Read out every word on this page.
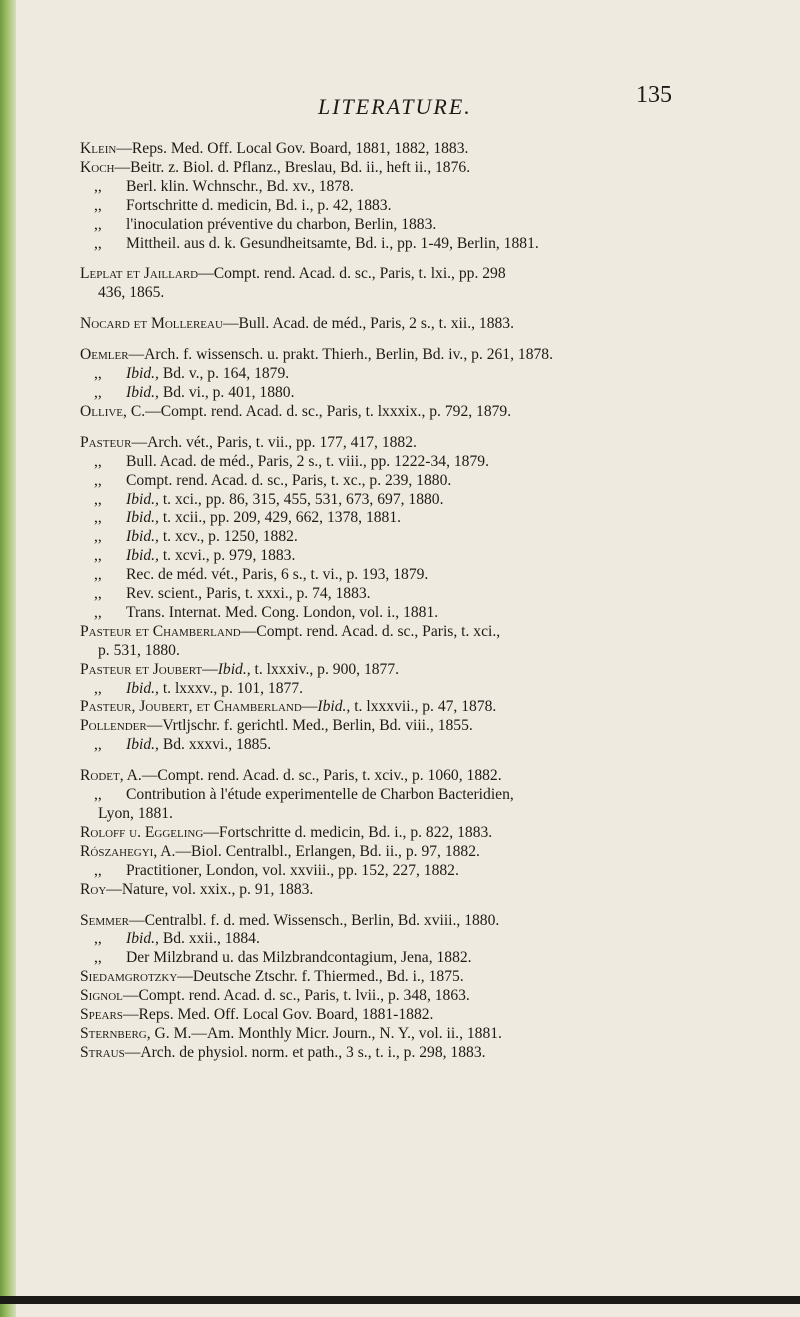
LITERATURE.	135
Klein—Reps. Med. Off. Local Gov. Board, 1881, 1882, 1883.
Koch—Beitr. z. Biol. d. Pflanz., Breslau, Bd. ii., heft ii., 1876.
,, Berl. klin. Wchnschr., Bd. xv., 1878.
,, Fortschritte d. medicin, Bd. i., p. 42, 1883.
,, l'inoculation préventive du charbon, Berlin, 1883.
,, Mittheil. aus d. k. Gesundheitsamte, Bd. i., pp. 1-49, Berlin, 1881.
Leplat et Jaillard—Compt. rend. Acad. d. sc., Paris, t. lxi., pp. 298
436, 1865.
Nocard et Mollereau—Bull. Acad. de méd., Paris, 2 s., t. xii., 1883.
Oemler—Arch. f. wissensch. u. prakt. Thierh., Berlin, Bd. iv., p. 261, 1878.
,, Ibid., Bd. v., p. 164, 1879.
,, Ibid., Bd. vi., p. 401, 1880.
Ollive, C.—Compt. rend. Acad. d. sc., Paris, t. lxxxix., p. 792, 1879.
Pasteur—Arch. vét., Paris, t. vii., pp. 177, 417, 1882.
,, Bull. Acad. de méd., Paris, 2 s., t. viii., pp. 1222-34, 1879.
,, Compt. rend. Acad. d. sc., Paris, t. xc., p. 239, 1880.
,, Ibid., t. xci., pp. 86, 315, 455, 531, 673, 697, 1880.
,, Ibid., t. xcii., pp. 209, 429, 662, 1378, 1881.
,, Ibid., t. xcv., p. 1250, 1882.
,, Ibid., t. xcvi., p. 979, 1883.
,, Rec. de méd. vét., Paris, 6 s., t. vi., p. 193, 1879.
,, Rev. scient., Paris, t. xxxi., p. 74, 1883.
,, Trans. Internat. Med. Cong. London, vol. i., 1881.
Pasteur et Chamberland—Compt. rend. Acad. d. sc., Paris, t. xci.,
p. 531, 1880.
Pasteur et Joubert—Ibid., t. lxxxiv., p. 900, 1877.
,, Ibid., t. lxxxv., p. 101, 1877.
Pasteur, Joubert, et Chamberland—Ibid., t. lxxxvii., p. 47, 1878.
Pollender—Vrtljschr. f. gerichtl. Med., Berlin, Bd. viii., 1855.
,, Ibid., Bd. xxxvi., 1885.
Rodet, A.—Compt. rend. Acad. d. sc., Paris, t. xciv., p. 1060, 1882.
,, Contribution à l'étude experimentelle de Charbon Bacteridien,
Lyon, 1881.
Roloff u. Eggeling—Fortschritte d. medicin, Bd. i., p. 822, 1883.
Rószahegyi, A.—Biol. Centralbl., Erlangen, Bd. ii., p. 97, 1882.
,, Practitioner, London, vol. xxviii., pp. 152, 227, 1882.
Roy—Nature, vol. xxix., p. 91, 1883.
Semmer—Centralbl. f. d. med. Wissensch., Berlin, Bd. xviii., 1880.
,, Ibid., Bd. xxii., 1884.
,, Der Milzbrand u. das Milzbrandcontagium, Jena, 1882.
Siedamgrotzky—Deutsche Ztschr. f. Thiermed., Bd. i., 1875.
Signol—Compt. rend. Acad. d. sc., Paris, t. lvii., p. 348, 1863.
Spears—Reps. Med. Off. Local Gov. Board, 1881-1882.
Sternberg, G. M.—Am. Monthly Micr. Journ., N. Y., vol. ii., 1881.
Straus—Arch. de physiol. norm. et path., 3 s., t. i., p. 298, 1883.
